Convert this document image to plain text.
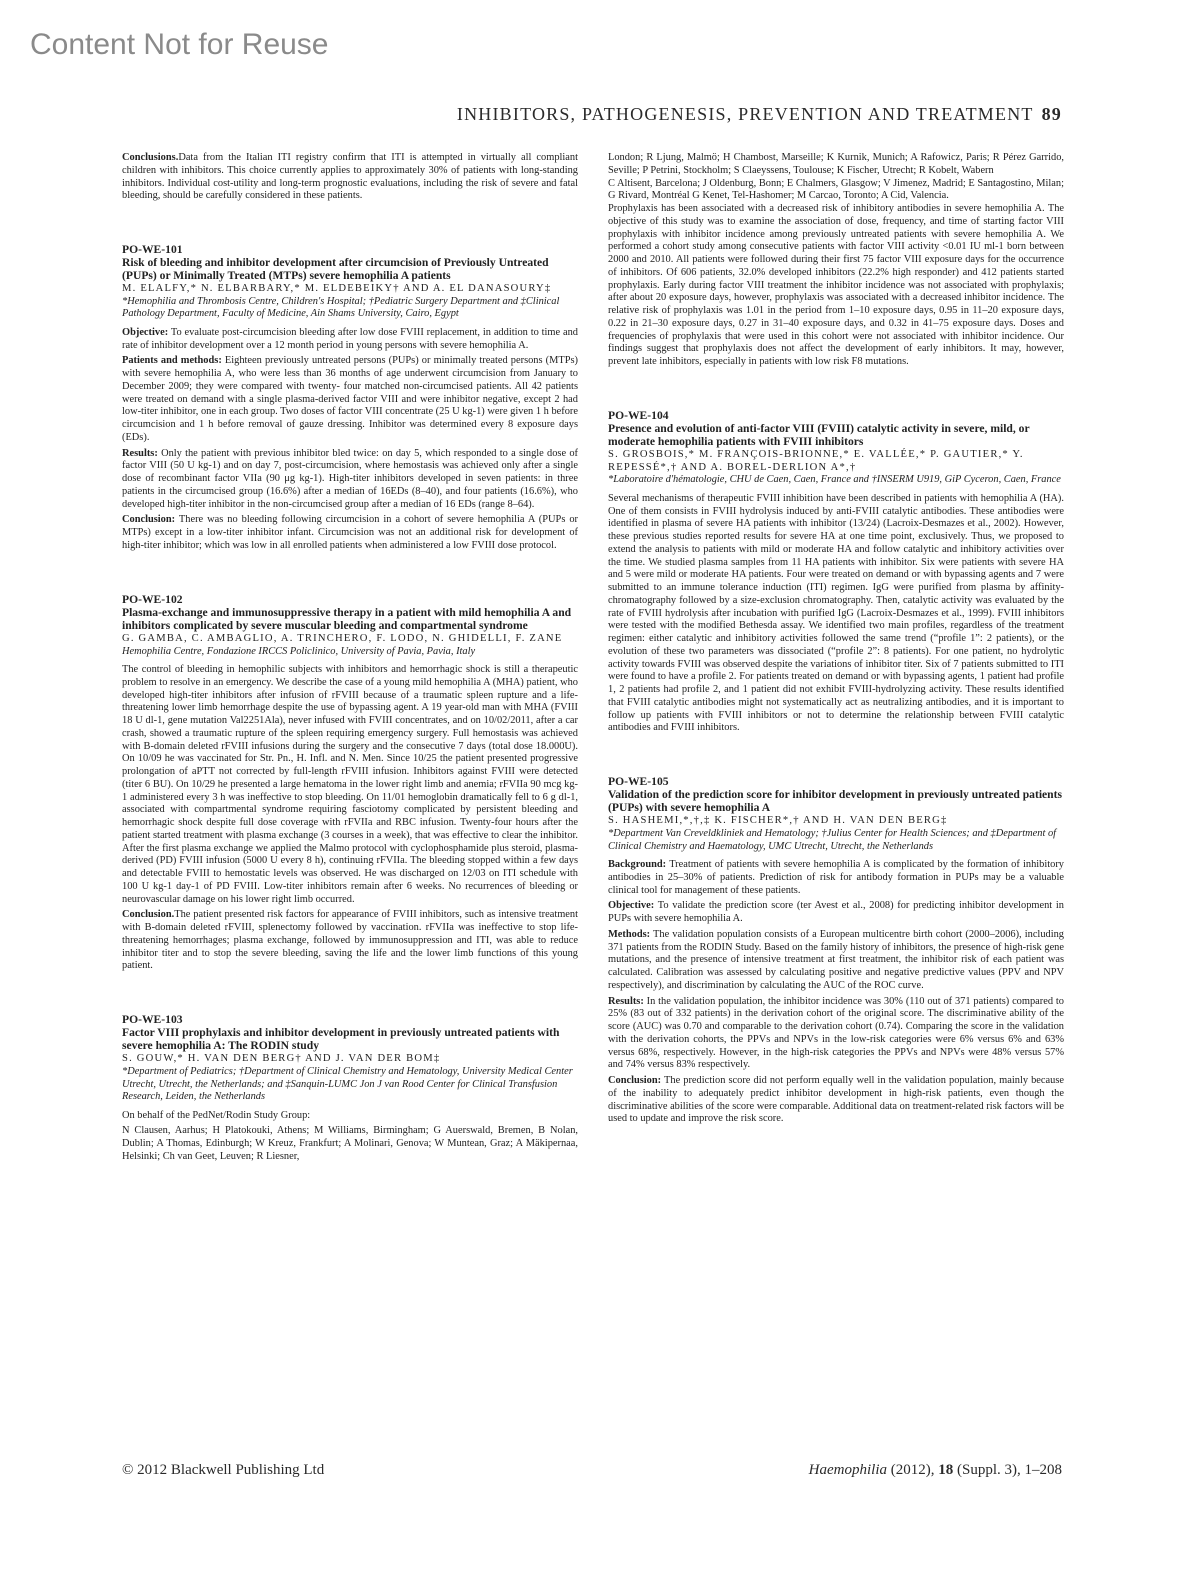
Content Not for Reuse
INHIBITORS, PATHOGENESIS, PREVENTION AND TREATMENT 89

Conclusions.Data from the Italian ITI registry confirm that ITI is attempted in virtually all compliant children with inhibitors. This choice currently applies to approximately 30% of patients with long-standing inhibitors. Individual cost-utility and long-term prognostic evaluations, including the risk of severe and fatal bleeding, should be carefully considered in these patients.

PO-WE-101
Risk of bleeding and inhibitor development after circumcision of Previously Untreated (PUPs) or Minimally Treated (MTPs) severe hemophilia A patients
M. ELALFY,* N. ELBARBARY,* M. ELDEBEIKY† AND A. EL DANASOURY‡
*Hemophilia and Thrombosis Centre, Children's Hospital; †Pediatric Surgery Department and ‡Clinical Pathology Department, Faculty of Medicine, Ain Shams University, Cairo, Egypt

Objective: To evaluate post-circumcision bleeding after low dose FVIII replacement, in addition to time and rate of inhibitor development over a 12 month period in young persons with severe hemophilia A.

Patients and methods: Eighteen previously untreated persons (PUPs) or minimally treated persons (MTPs) with severe hemophilia A, who were less than 36 months of age underwent circumcision from January to December 2009; they were compared with twenty- four matched non-circumcised patients. All 42 patients were treated on demand with a single plasma-derived factor VIII and were inhibitor negative, except 2 had low-titer inhibitor, one in each group. Two doses of factor VIII concentrate (25 U kg-1) were given 1 h before circumcision and 1 h before removal of gauze dressing. Inhibitor was determined every 8 exposure days (EDs).

Results: Only the patient with previous inhibitor bled twice: on day 5, which responded to a single dose of factor VIII (50 U kg-1) and on day 7, post-circumcision, where hemostasis was achieved only after a single dose of recombinant factor VIIa (90 μg kg-1). High-titer inhibitors developed in seven patients: in three patients in the circumcised group (16.6%) after a median of 16EDs (8–40), and four patients (16.6%), who developed high-titer inhibitor in the non-circumcised group after a median of 16 EDs (range 8–64).

Conclusion: There was no bleeding following circumcision in a cohort of severe hemophilia A (PUPs or MTPs) except in a low-titer inhibitor infant. Circumcision was not an additional risk for development of high-titer inhibitor; which was low in all enrolled patients when administered a low FVIII dose protocol.

PO-WE-102
Plasma-exchange and immunosuppressive therapy in a patient with mild hemophilia A and inhibitors complicated by severe muscular bleeding and compartmental syndrome
G. GAMBA, C. AMBAGLIO, A. TRINCHERO, F. LODO, N. GHIDELLI, F. ZANE
Hemophilia Centre, Fondazione IRCCS Policlinico, University of Pavia, Pavia, Italy

The control of bleeding in hemophilic subjects with inhibitors and hemorrhagic shock is still a therapeutic problem to resolve in an emergency. We describe the case of a young mild hemophilia A (MHA) patient, who developed high-titer inhibitors after infusion of rFVIII because of a traumatic spleen rupture and a life-threatening lower limb hemorrhage despite the use of bypassing agent. A 19 year-old man with MHA (FVIII 18 U dl-1, gene mutation Val2251Ala), never infused with FVIII concentrates, and on 10/02/2011, after a car crash, showed a traumatic rupture of the spleen requiring emergency surgery. Full hemostasis was achieved with B-domain deleted rFVIII infusions during the surgery and the consecutive 7 days (total dose 18.000U). On 10/09 he was vaccinated for Str. Pn., H. Infl. and N. Men. Since 10/25 the patient presented progressive prolongation of aPTT not corrected by full-length rFVIII infusion. Inhibitors against FVIII were detected (titer 6 BU). On 10/29 he presented a large hematoma in the lower right limb and anemia; rFVIIa 90 mcg kg-1 administered every 3 h was ineffective to stop bleeding. On 11/01 hemoglobin dramatically fell to 6 g dl-1, associated with compartmental syndrome requiring fasciotomy complicated by persistent bleeding and hemorrhagic shock despite full dose coverage with rFVIIa and RBC infusion. Twenty-four hours after the patient started treatment with plasma exchange (3 courses in a week), that was effective to clear the inhibitor. After the first plasma exchange we applied the Malmo protocol with cyclophosphamide plus steroid, plasma-derived (PD) FVIII infusion (5000 U every 8 h), continuing rFVIIa. The bleeding stopped within a few days and detectable FVIII to hemostatic levels was observed. He was discharged on 12/03 on ITI schedule with 100 U kg-1 day-1 of PD FVIII. Low-titer inhibitors remain after 6 weeks. No recurrences of bleeding or neurovascular damage on his lower right limb occurred.

Conclusion.The patient presented risk factors for appearance of FVIII inhibitors, such as intensive treatment with B-domain deleted rFVIII, splenectomy followed by vaccination. rFVIIa was ineffective to stop life-threatening hemorrhages; plasma exchange, followed by immunosuppression and ITI, was able to reduce inhibitor titer and to stop the severe bleeding, saving the life and the lower limb functions of this young patient.

PO-WE-103
Factor VIII prophylaxis and inhibitor development in previously untreated patients with severe hemophilia A: The RODIN study
S. GOUW,* H. VAN DEN BERG† AND J. VAN DER BOM‡
*Department of Pediatrics; †Department of Clinical Chemistry and Hematology, University Medical Center Utrecht, Utrecht, the Netherlands; and ‡Sanquin-LUMC Jon J van Rood Center for Clinical Transfusion Research, Leiden, the Netherlands

On behalf of the PedNet/Rodin Study Group:

N Clausen, Aarhus; H Platokouki, Athens; M Williams, Birmingham; G Auerswald, Bremen, B Nolan, Dublin; A Thomas, Edinburgh; W Kreuz, Frankfurt; A Molinari, Genova; W Muntean, Graz; A Mäkipernaa, Helsinki; Ch van Geet, Leuven; R Liesner,

London; R Ljung, Malmö; H Chambost, Marseille; K Kurnik, Munich; A Rafowicz, Paris; R Pérez Garrido, Seville; P Petrini, Stockholm; S Claeyssens, Toulouse; K Fischer, Utrecht; R Kobelt, Wabern

C Altisent, Barcelona; J Oldenburg, Bonn; E Chalmers, Glasgow; V Jimenez, Madrid; E Santagostino, Milan; G Rivard, Montréal G Kenet, Tel-Hashomer; M Carcao, Toronto; A Cid, Valencia.

Prophylaxis has been associated with a decreased risk of inhibitory antibodies in severe hemophilia A. The objective of this study was to examine the association of dose, frequency, and time of starting factor VIII prophylaxis with inhibitor incidence among previously untreated patients with severe hemophilia A. We performed a cohort study among consecutive patients with factor VIII activity <0.01 IU ml-1 born between 2000 and 2010. All patients were followed during their first 75 factor VIII exposure days for the occurrence of inhibitors. Of 606 patients, 32.0% developed inhibitors (22.2% high responder) and 412 patients started prophylaxis. Early during factor VIII treatment the inhibitor incidence was not associated with prophylaxis; after about 20 exposure days, however, prophylaxis was associated with a decreased inhibitor incidence. The relative risk of prophylaxis was 1.01 in the period from 1–10 exposure days, 0.95 in 11–20 exposure days, 0.22 in 21–30 exposure days, 0.27 in 31–40 exposure days, and 0.32 in 41–75 exposure days. Doses and frequencies of prophylaxis that were used in this cohort were not associated with inhibitor incidence. Our findings suggest that prophylaxis does not affect the development of early inhibitors. It may, however, prevent late inhibitors, especially in patients with low risk F8 mutations.

PO-WE-104
Presence and evolution of anti-factor VIII (FVIII) catalytic activity in severe, mild, or moderate hemophilia patients with FVIII inhibitors
S. GROSBOIS,* M. FRANÇOIS-BRIONNE,* E. VALLÉE,* P. GAUTIER,* Y. REPESSÉ*,† AND A. BOREL-DERLION A*,†
*Laboratoire d'hématologie, CHU de Caen, Caen, France and †INSERM U919, GiP Cyceron, Caen, France

Several mechanisms of therapeutic FVIII inhibition have been described in patients with hemophilia A (HA). One of them consists in FVIII hydrolysis induced by anti-FVIII catalytic antibodies. These antibodies were identified in plasma of severe HA patients with inhibitor (13/24) (Lacroix-Desmazes et al., 2002). However, these previous studies reported results for severe HA at one time point, exclusively. Thus, we proposed to extend the analysis to patients with mild or moderate HA and follow catalytic and inhibitory activities over the time. We studied plasma samples from 11 HA patients with inhibitor. Six were patients with severe HA and 5 were mild or moderate HA patients. Four were treated on demand or with bypassing agents and 7 were submitted to an immune tolerance induction (ITI) regimen. IgG were purified from plasma by affinity-chromatography followed by a size-exclusion chromatography. Then, catalytic activity was evaluated by the rate of FVIII hydrolysis after incubation with purified IgG (Lacroix-Desmazes et al., 1999). FVIII inhibitors were tested with the modified Bethesda assay. We identified two main profiles, regardless of the treatment regimen: either catalytic and inhibitory activities followed the same trend (“profile 1”: 2 patients), or the evolution of these two parameters was dissociated (“profile 2”: 8 patients). For one patient, no hydrolytic activity towards FVIII was observed despite the variations of inhibitor titer. Six of 7 patients submitted to ITI were found to have a profile 2. For patients treated on demand or with bypassing agents, 1 patient had profile 1, 2 patients had profile 2, and 1 patient did not exhibit FVIII-hydrolyzing activity. These results identified that FVIII catalytic antibodies might not systematically act as neutralizing antibodies, and it is important to follow up patients with FVIII inhibitors or not to determine the relationship between FVIII catalytic antibodies and FVIII inhibitors.

PO-WE-105
Validation of the prediction score for inhibitor development in previously untreated patients (PUPs) with severe hemophilia A
S. HASHEMI,*,†,‡ K. FISCHER*,† AND H. VAN DEN BERG‡
*Department Van Creveldkliniek and Hematology; †Julius Center for Health Sciences; and ‡Department of Clinical Chemistry and Haematology, UMC Utrecht, Utrecht, the Netherlands

Background: Treatment of patients with severe hemophilia A is complicated by the formation of inhibitory antibodies in 25–30% of patients. Prediction of risk for antibody formation in PUPs may be a valuable clinical tool for management of these patients.

Objective: To validate the prediction score (ter Avest et al., 2008) for predicting inhibitor development in PUPs with severe hemophilia A.

Methods: The validation population consists of a European multicentre birth cohort (2000–2006), including 371 patients from the RODIN Study. Based on the family history of inhibitors, the presence of high-risk gene mutations, and the presence of intensive treatment at first treatment, the inhibitor risk of each patient was calculated. Calibration was assessed by calculating positive and negative predictive values (PPV and NPV respectively), and discrimination by calculating the AUC of the ROC curve.

Results: In the validation population, the inhibitor incidence was 30% (110 out of 371 patients) compared to 25% (83 out of 332 patients) in the derivation cohort of the original score. The discriminative ability of the score (AUC) was 0.70 and comparable to the derivation cohort (0.74). Comparing the score in the validation with the derivation cohorts, the PPVs and NPVs in the low-risk categories were 6% versus 6% and 63% versus 68%, respectively. However, in the high-risk categories the PPVs and NPVs were 48% versus 57% and 74% versus 83% respectively.

Conclusion: The prediction score did not perform equally well in the validation population, mainly because of the inability to adequately predict inhibitor development in high-risk patients, even though the discriminative abilities of the score were comparable. Additional data on treatment-related risk factors will be used to update and improve the risk score.

© 2012 Blackwell Publishing Ltd	Haemophilia (2012), 18 (Suppl. 3), 1–208
